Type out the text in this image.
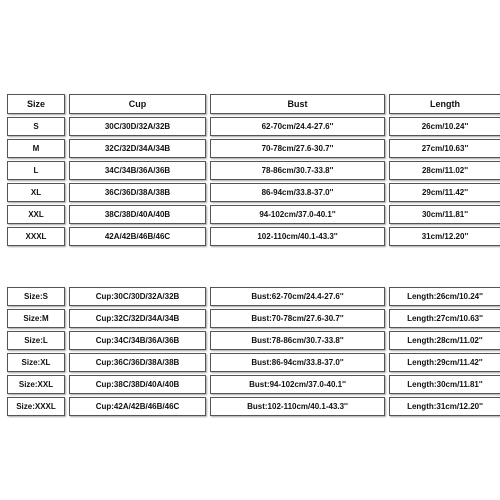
Size	Cup	Bust	Length
S	30C/30D/32A/32B	62-70cm/24.4-27.6''	26cm/10.24''
M	32C/32D/34A/34B	70-78cm/27.6-30.7''	27cm/10.63''
L	34C/34B/36A/36B	78-86cm/30.7-33.8''	28cm/11.02''
XL	36C/36D/38A/38B	86-94cm/33.8-37.0''	29cm/11.42''
XXL	38C/38D/40A/40B	94-102cm/37.0-40.1''	30cm/11.81''
XXXL	42A/42B/46B/46C	102-110cm/40.1-43.3''	31cm/12.20''
Size:S	Cup:30C/30D/32A/32B	Bust:62-70cm/24.4-27.6''	Length:26cm/10.24''
Size:M	Cup:32C/32D/34A/34B	Bust:70-78cm/27.6-30.7''	Length:27cm/10.63''
Size:L	Cup:34C/34B/36A/36B	Bust:78-86cm/30.7-33.8''	Length:28cm/11.02''
Size:XL	Cup:36C/36D/38A/38B	Bust:86-94cm/33.8-37.0''	Length:29cm/11.42''
Size:XXL	Cup:38C/38D/40A/40B	Bust:94-102cm/37.0-40.1''	Length:30cm/11.81''
Size:XXXL	Cup:42A/42B/46B/46C	Bust:102-110cm/40.1-43.3''	Length:31cm/12.20''
